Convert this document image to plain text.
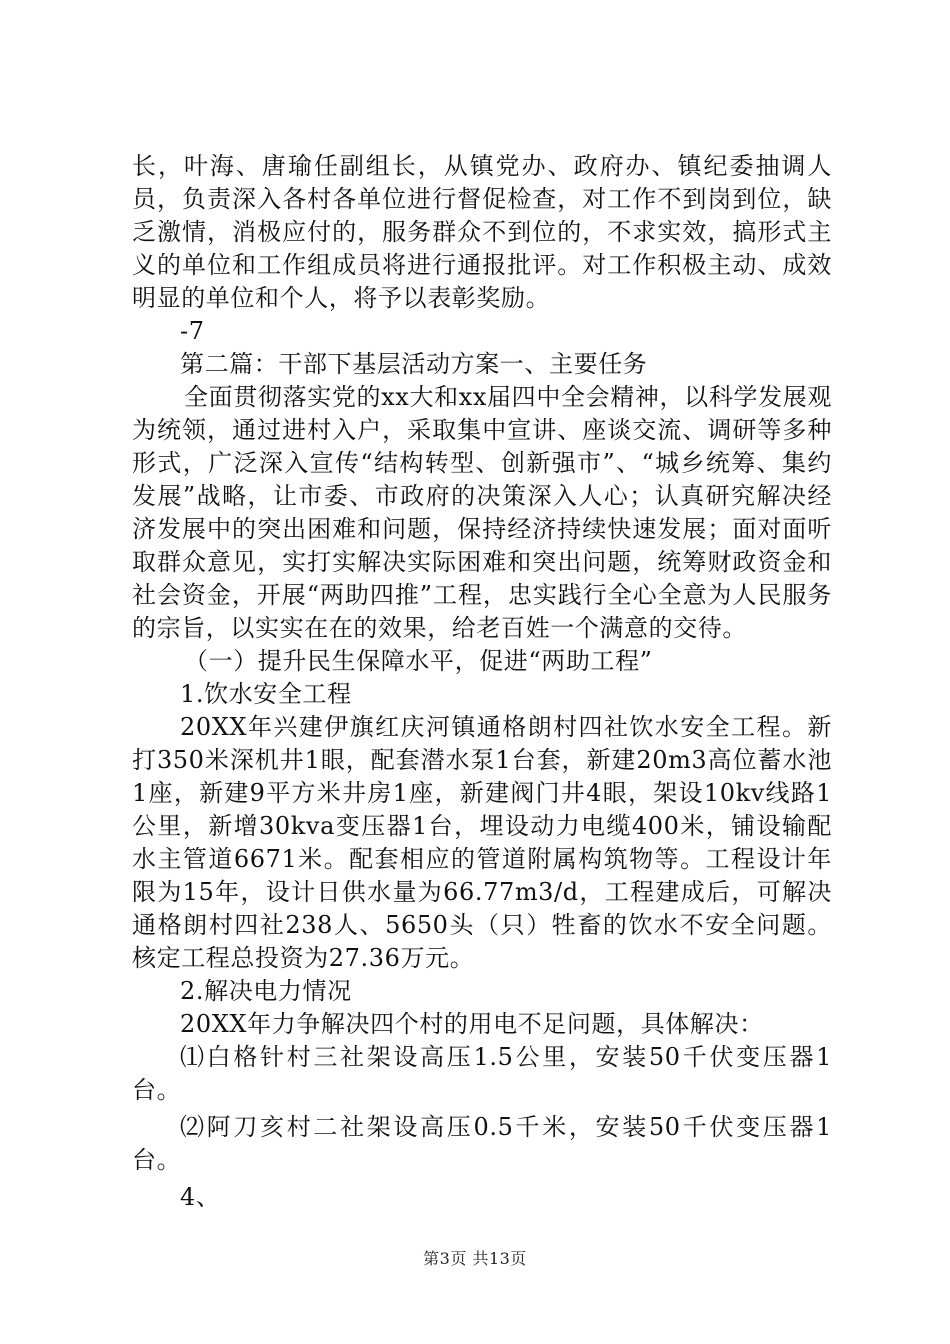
长，叶海、唐瑜任副组长，从镇党办、政府办、镇纪委抽调人员，负责深入各村各单位进行督促检查，对工作不到岗到位，缺乏激情，消极应付的，服务群众不到位的，不求实效，搞形式主义的单位和工作组成员将进行通报批评。对工作积极主动、成效明显的单位和个人，将予以表彰奖励。

-7

第二篇：干部下基层活动方案一、主要任务

全面贯彻落实党的xx大和xx届四中全会精神，以科学发展观为统领，通过进村入户，采取集中宣讲、座谈交流、调研等多种形式，广泛深入宣传“结构转型、创新强市”、“城乡统筹、集约发展”战略，让市委、市政府的决策深入人心；认真研究解决经济发展中的突出困难和问题，保持经济持续快速发展；面对面听取群众意见，实打实解决实际困难和突出问题，统筹财政资金和社会资金，开展“两助四推”工程，忠实践行全心全意为人民服务的宗旨，以实实在在的效果，给老百姓一个满意的交待。

（一）提升民生保障水平，促进“两助工程”

1.饮水安全工程

20XX年兴建伊旗红庆河镇通格朗村四社饮水安全工程。新打350米深机井1眼，配套潜水泵1台套，新建20m3高位蓄水池1座，新建9平方米井房1座，新建阀门井4眼，架设10kv线路1公里，新增30kva变压器1台，埋设动力电缆400米，铺设输配水主管道6671米。配套相应的管道附属构筑物等。工程设计年限为15年，设计日供水量为66.77m3/d，工程建成后，可解决通格朗村四社238人、5650头（只）牲畜的饮水不安全问题。核定工程总投资为27.36万元。

2.解决电力情况

20XX年力争解决四个村的用电不足问题，具体解决：

⑴白格针村三社架设高压1.5公里，安装50千伏变压器1台。

⑵阿刀亥村二社架设高压0.5千米，安装50千伏变压器1台。

4、

第3页 共13页
